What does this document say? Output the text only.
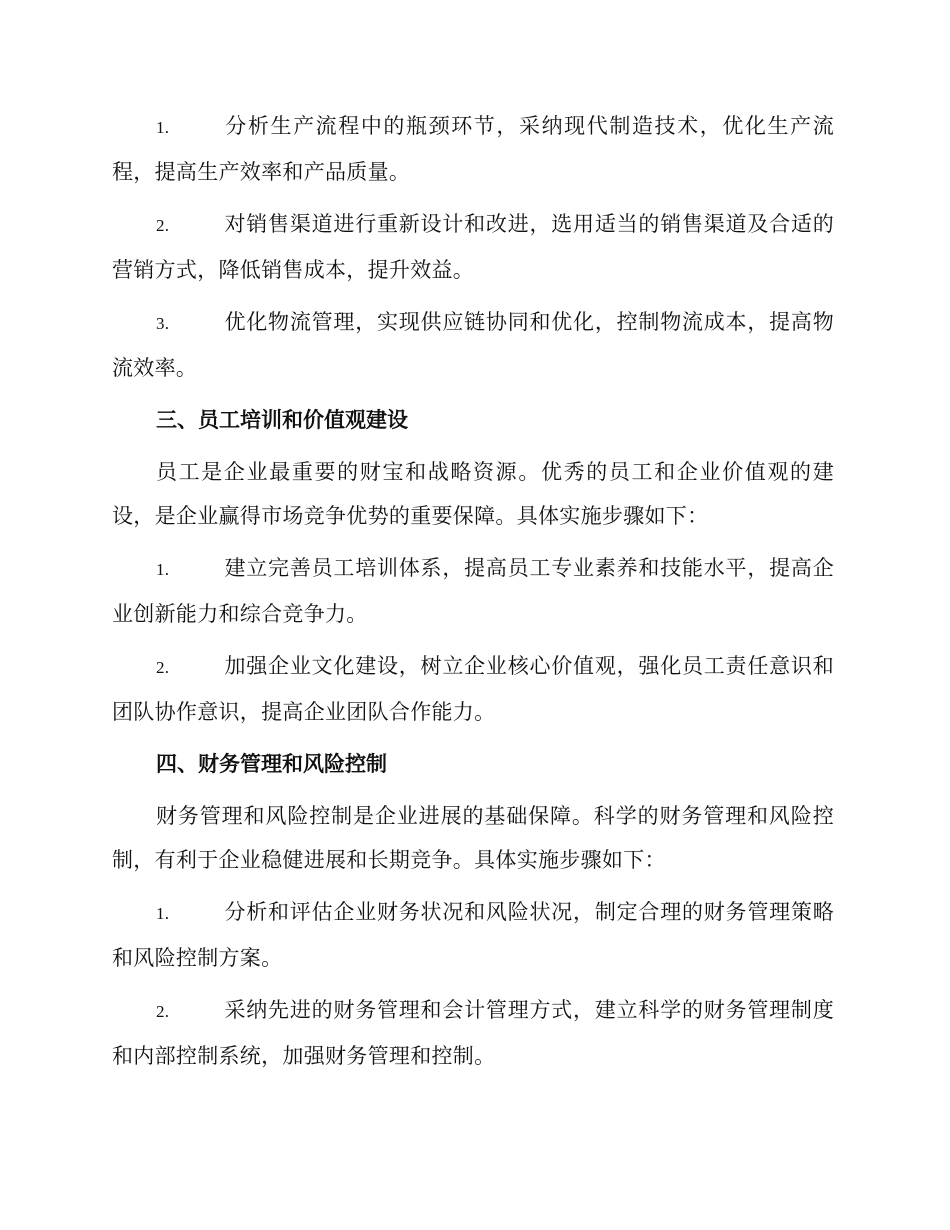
1.	分析生产流程中的瓶颈环节，采纳现代制造技术，优化生产流程，提高生产效率和产品质量。

2.	对销售渠道进行重新设计和改进，选用适当的销售渠道及合适的营销方式，降低销售成本，提升效益。

3.	优化物流管理，实现供应链协同和优化，控制物流成本，提高物流效率。

三、员工培训和价值观建设

员工是企业最重要的财宝和战略资源。优秀的员工和企业价值观的建设，是企业赢得市场竞争优势的重要保障。具体实施步骤如下：

1.	建立完善员工培训体系，提高员工专业素养和技能水平，提高企业创新能力和综合竞争力。

2.	加强企业文化建设，树立企业核心价值观，强化员工责任意识和团队协作意识，提高企业团队合作能力。

四、财务管理和风险控制

财务管理和风险控制是企业进展的基础保障。科学的财务管理和风险控制，有利于企业稳健进展和长期竞争。具体实施步骤如下：

1.	分析和评估企业财务状况和风险状况，制定合理的财务管理策略和风险控制方案。

2.	采纳先进的财务管理和会计管理方式，建立科学的财务管理制度和内部控制系统，加强财务管理和控制。
